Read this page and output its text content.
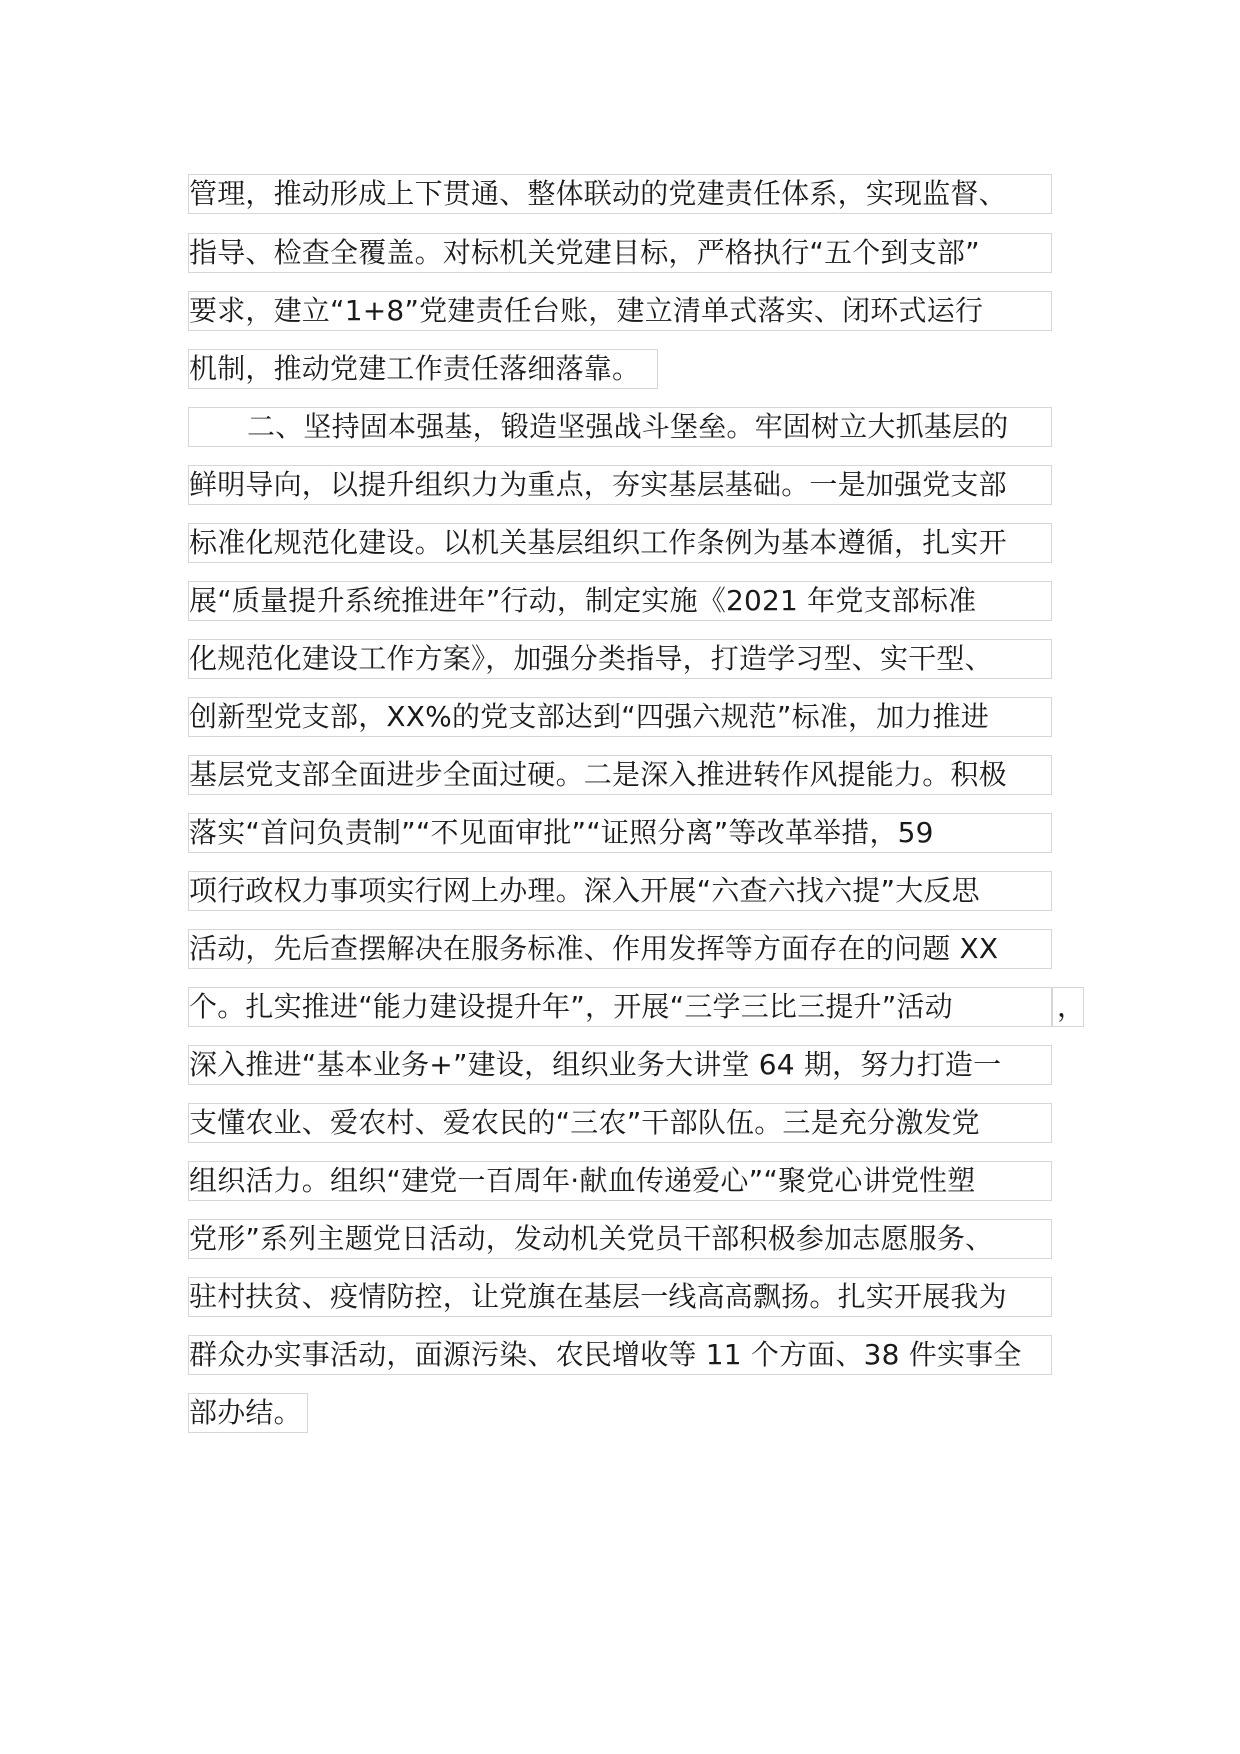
管理，推动形成上下贯通、整体联动的党建责任体系，实现监督、
指导、检查全覆盖。对标机关党建目标，严格执行“五个到支部”
要求，建立“1+8”党建责任台账，建立清单式落实、闭环式运行
机制，推动党建工作责任落细落靠。
二、坚持固本强基，锻造坚强战斗堡垒。牢固树立大抓基层的
鲜明导向，以提升组织力为重点，夯实基层基础。一是加强党支部
标准化规范化建设。以机关基层组织工作条例为基本遵循，扎实开
展“质量提升系统推进年”行动，制定实施《2021 年党支部标准
化规范化建设工作方案》，加强分类指导，打造学习型、实干型、
创新型党支部，XX%的党支部达到“四强六规范”标准，加力推进
基层党支部全面进步全面过硬。二是深入推进转作风提能力。积极
落实“首问负责制”“不见面审批”“证照分离”等改革举措，59
项行政权力事项实行网上办理。深入开展“六查六找六提”大反思
活动，先后查摆解决在服务标准、作用发挥等方面存在的问题 XX
个。扎实推进“能力建设提升年”，开展“三学三比三提升”活动	，
深入推进“基本业务+”建设，组织业务大讲堂 64 期，努力打造一
支懂农业、爱农村、爱农民的“三农”干部队伍。三是充分激发党
组织活力。组织“建党一百周年·献血传递爱心”“聚党心讲党性塑
党形”系列主题党日活动，发动机关党员干部积极参加志愿服务、
驻村扶贫、疫情防控，让党旗在基层一线高高飘扬。扎实开展我为
群众办实事活动，面源污染、农民增收等 11 个方面、38 件实事全
部办结。
